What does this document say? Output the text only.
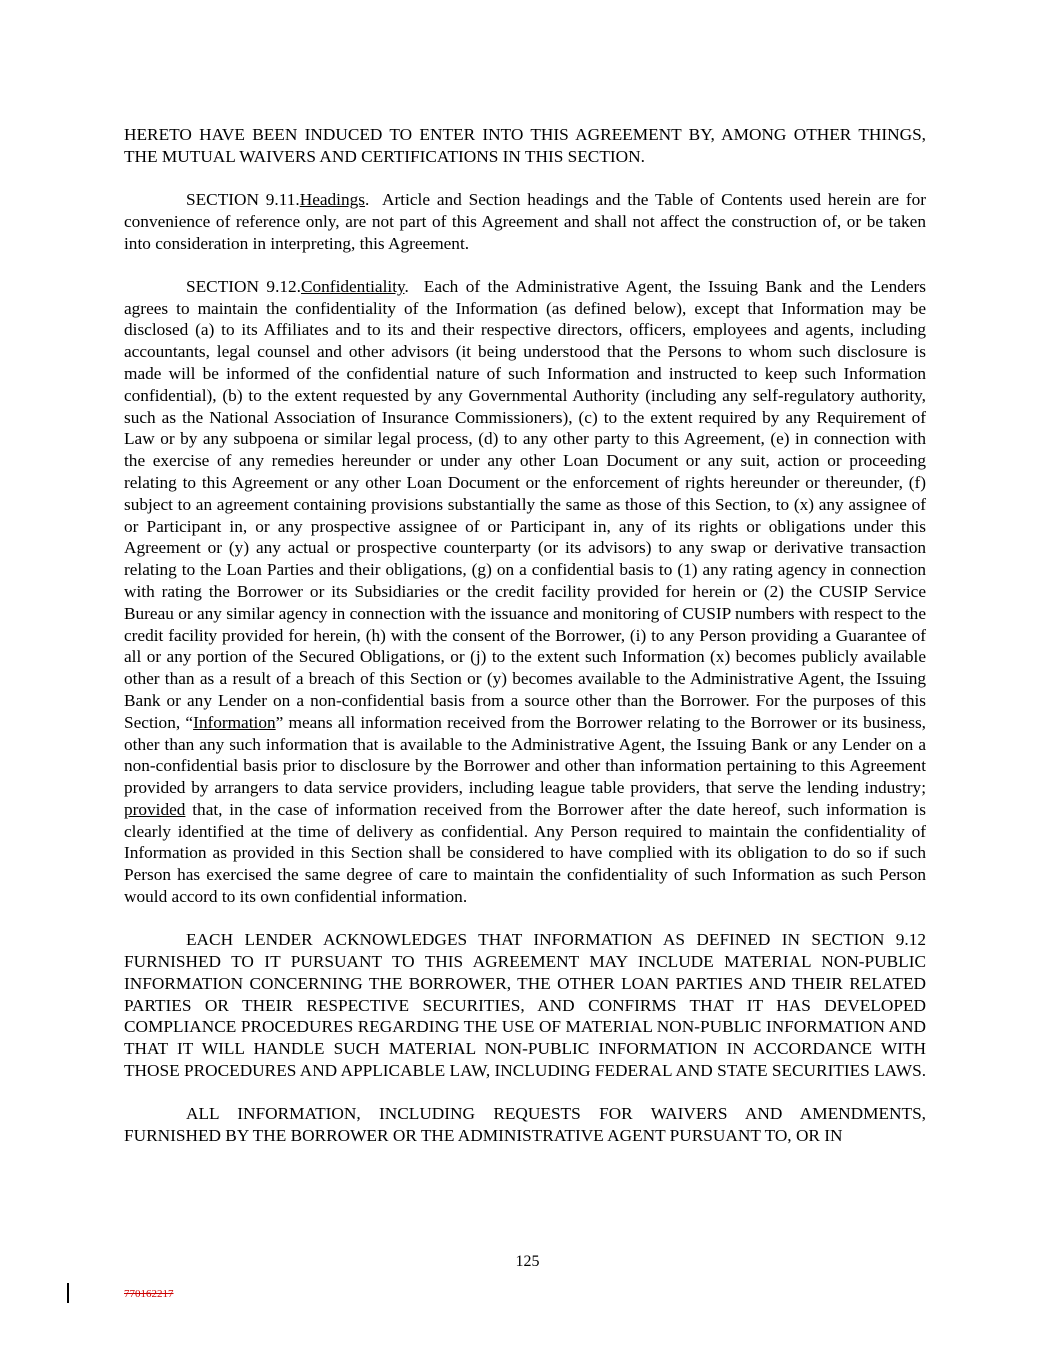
HERETO HAVE BEEN INDUCED TO ENTER INTO THIS AGREEMENT BY, AMONG OTHER THINGS, THE MUTUAL WAIVERS AND CERTIFICATIONS IN THIS SECTION.

SECTION 9.11.Headings. Article and Section headings and the Table of Contents used herein are for convenience of reference only, are not part of this Agreement and shall not affect the construction of, or be taken into consideration in interpreting, this Agreement.

SECTION 9.12.Confidentiality. Each of the Administrative Agent, the Issuing Bank and the Lenders agrees to maintain the confidentiality of the Information (as defined below), except that Information may be disclosed (a) to its Affiliates and to its and their respective directors, officers, employees and agents, including accountants, legal counsel and other advisors (it being understood that the Persons to whom such disclosure is made will be informed of the confidential nature of such Information and instructed to keep such Information confidential), (b) to the extent requested by any Governmental Authority (including any self-regulatory authority, such as the National Association of Insurance Commissioners), (c) to the extent required by any Requirement of Law or by any subpoena or similar legal process, (d) to any other party to this Agreement, (e) in connection with the exercise of any remedies hereunder or under any other Loan Document or any suit, action or proceeding relating to this Agreement or any other Loan Document or the enforcement of rights hereunder or thereunder, (f) subject to an agreement containing provisions substantially the same as those of this Section, to (x) any assignee of or Participant in, or any prospective assignee of or Participant in, any of its rights or obligations under this Agreement or (y) any actual or prospective counterparty (or its advisors) to any swap or derivative transaction relating to the Loan Parties and their obligations, (g) on a confidential basis to (1) any rating agency in connection with rating the Borrower or its Subsidiaries or the credit facility provided for herein or (2) the CUSIP Service Bureau or any similar agency in connection with the issuance and monitoring of CUSIP numbers with respect to the credit facility provided for herein, (h) with the consent of the Borrower, (i) to any Person providing a Guarantee of all or any portion of the Secured Obligations, or (j) to the extent such Information (x) becomes publicly available other than as a result of a breach of this Section or (y) becomes available to the Administrative Agent, the Issuing Bank or any Lender on a non-confidential basis from a source other than the Borrower. For the purposes of this Section, “Information” means all information received from the Borrower relating to the Borrower or its business, other than any such information that is available to the Administrative Agent, the Issuing Bank or any Lender on a non-confidential basis prior to disclosure by the Borrower and other than information pertaining to this Agreement provided by arrangers to data service providers, including league table providers, that serve the lending industry; provided that, in the case of information received from the Borrower after the date hereof, such information is clearly identified at the time of delivery as confidential. Any Person required to maintain the confidentiality of Information as provided in this Section shall be considered to have complied with its obligation to do so if such Person has exercised the same degree of care to maintain the confidentiality of such Information as such Person would accord to its own confidential information.

EACH LENDER ACKNOWLEDGES THAT INFORMATION AS DEFINED IN SECTION 9.12 FURNISHED TO IT PURSUANT TO THIS AGREEMENT MAY INCLUDE MATERIAL NON-PUBLIC INFORMATION CONCERNING THE BORROWER, THE OTHER LOAN PARTIES AND THEIR RELATED PARTIES OR THEIR RESPECTIVE SECURITIES, AND CONFIRMS THAT IT HAS DEVELOPED COMPLIANCE PROCEDURES REGARDING THE USE OF MATERIAL NON-PUBLIC INFORMATION AND THAT IT WILL HANDLE SUCH MATERIAL NON-PUBLIC INFORMATION IN ACCORDANCE WITH THOSE PROCEDURES AND APPLICABLE LAW, INCLUDING FEDERAL AND STATE SECURITIES LAWS.

ALL INFORMATION, INCLUDING REQUESTS FOR WAIVERS AND AMENDMENTS, FURNISHED BY THE BORROWER OR THE ADMINISTRATIVE AGENT PURSUANT TO, OR IN

125
770162217
